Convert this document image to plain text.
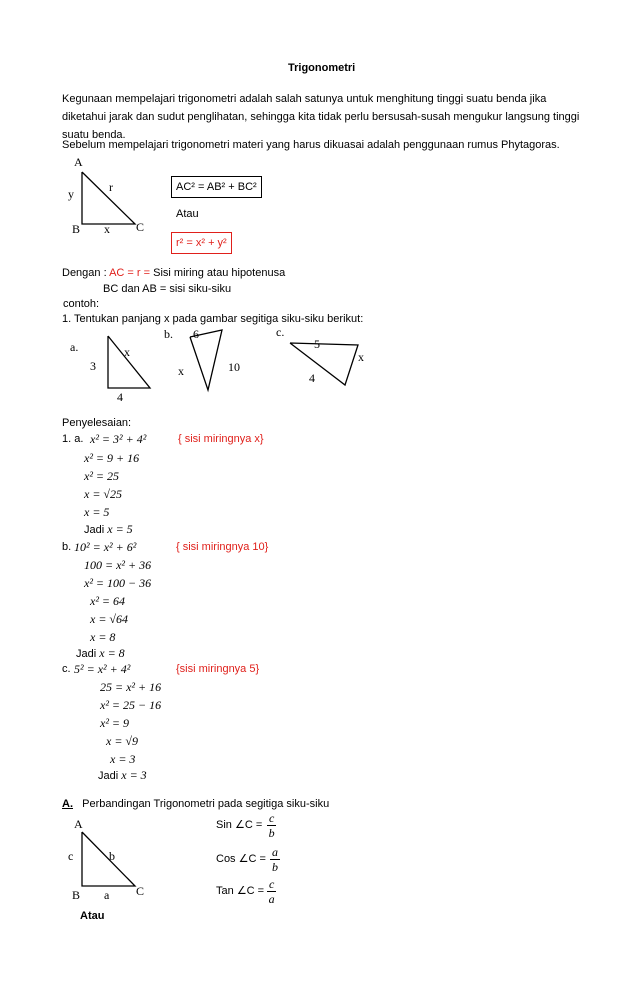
Trigonometri
Kegunaan mempelajari trigonometri adalah salah satunya untuk menghitung tinggi suatu benda jika diketahui jarak dan sudut penglihatan, sehingga kita tidak perlu bersusah-susah mengukur langsung tinggi suatu benda.
Sebelum mempelajari trigonometri materi yang harus dikuasai adalah penggunaan rumus Phytagoras.
A
y	r
B x C
AC² = AB² + BC²
Atau
r² = x² + y²
Dengan : AC = r = Sisi miring atau hipotenusa
BC dan AB = sisi siku-siku
contoh:
1. Tentukan panjang x pada gambar segitiga siku-siku berikut:
a.
3
x
4
b. 6
x	10
c.
5
x
4
Penyelesaian:
1. a. x² = 3² + 4²	{ sisi miringnya x}
x² = 9 + 16
x² = 25
x = √25
x = 5
Jadi x = 5
b. 10² = x² + 6²	{ sisi miringnya 10}
100 = x² + 36
x² = 100 − 36
x² = 64
x = √64
x = 8
Jadi x = 8
c. 5² = x² + 4²	{sisi miringnya 5}
25 = x² + 16
x² = 25 − 16
x² = 9
x = √9
x = 3
Jadi x = 3
A. Perbandingan Trigonometri pada segitiga siku-siku
A
c	b
B a C
Sin ∠C = $\frac{c}{b}$
Cos ∠C = $\frac{a}{b}$
Tan ∠C = $\frac{c}{a}$
Atau
